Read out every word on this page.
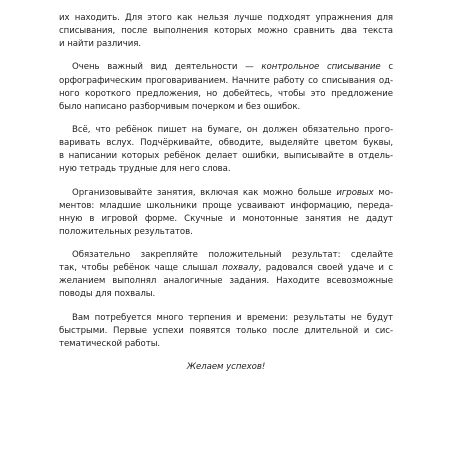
их находить. Для этого как нельзя лучше подходят упражнения для
списывания, после выполнения которых можно сравнить два текста
и найти различия.

Очень важный вид деятельности — контрольное списывание с
орфографическим проговариванием. Начните работу со списывания од-
ного короткого предложения, но добейтесь, чтобы это предложение
было написано разборчивым почерком и без ошибок.

Всё, что ребёнок пишет на бумаге, он должен обязательно прого-
варивать вслух. Подчёркивайте, обводите, выделяйте цветом буквы,
в написании которых ребёнок делает ошибки, выписывайте в отдель-
ную тетрадь трудные для него слова.

Организовывайте занятия, включая как можно больше игровых мо-
ментов: младшие школьники проще усваивают информацию, переда-
нную в игровой форме. Скучные и монотонные занятия не дадут
положительных результатов.

Обязательно закрепляйте положительный результат: сделайте
так, чтобы ребёнок чаще слышал похвалу, радовался своей удаче и с
желанием выполнял аналогичные задания. Находите всевозможные
поводы для похвалы.

Вам потребуется много терпения и времени: результаты не будут
быстрыми. Первые успехи появятся только после длительной и сис-
тематической работы.

Желаем успехов!
